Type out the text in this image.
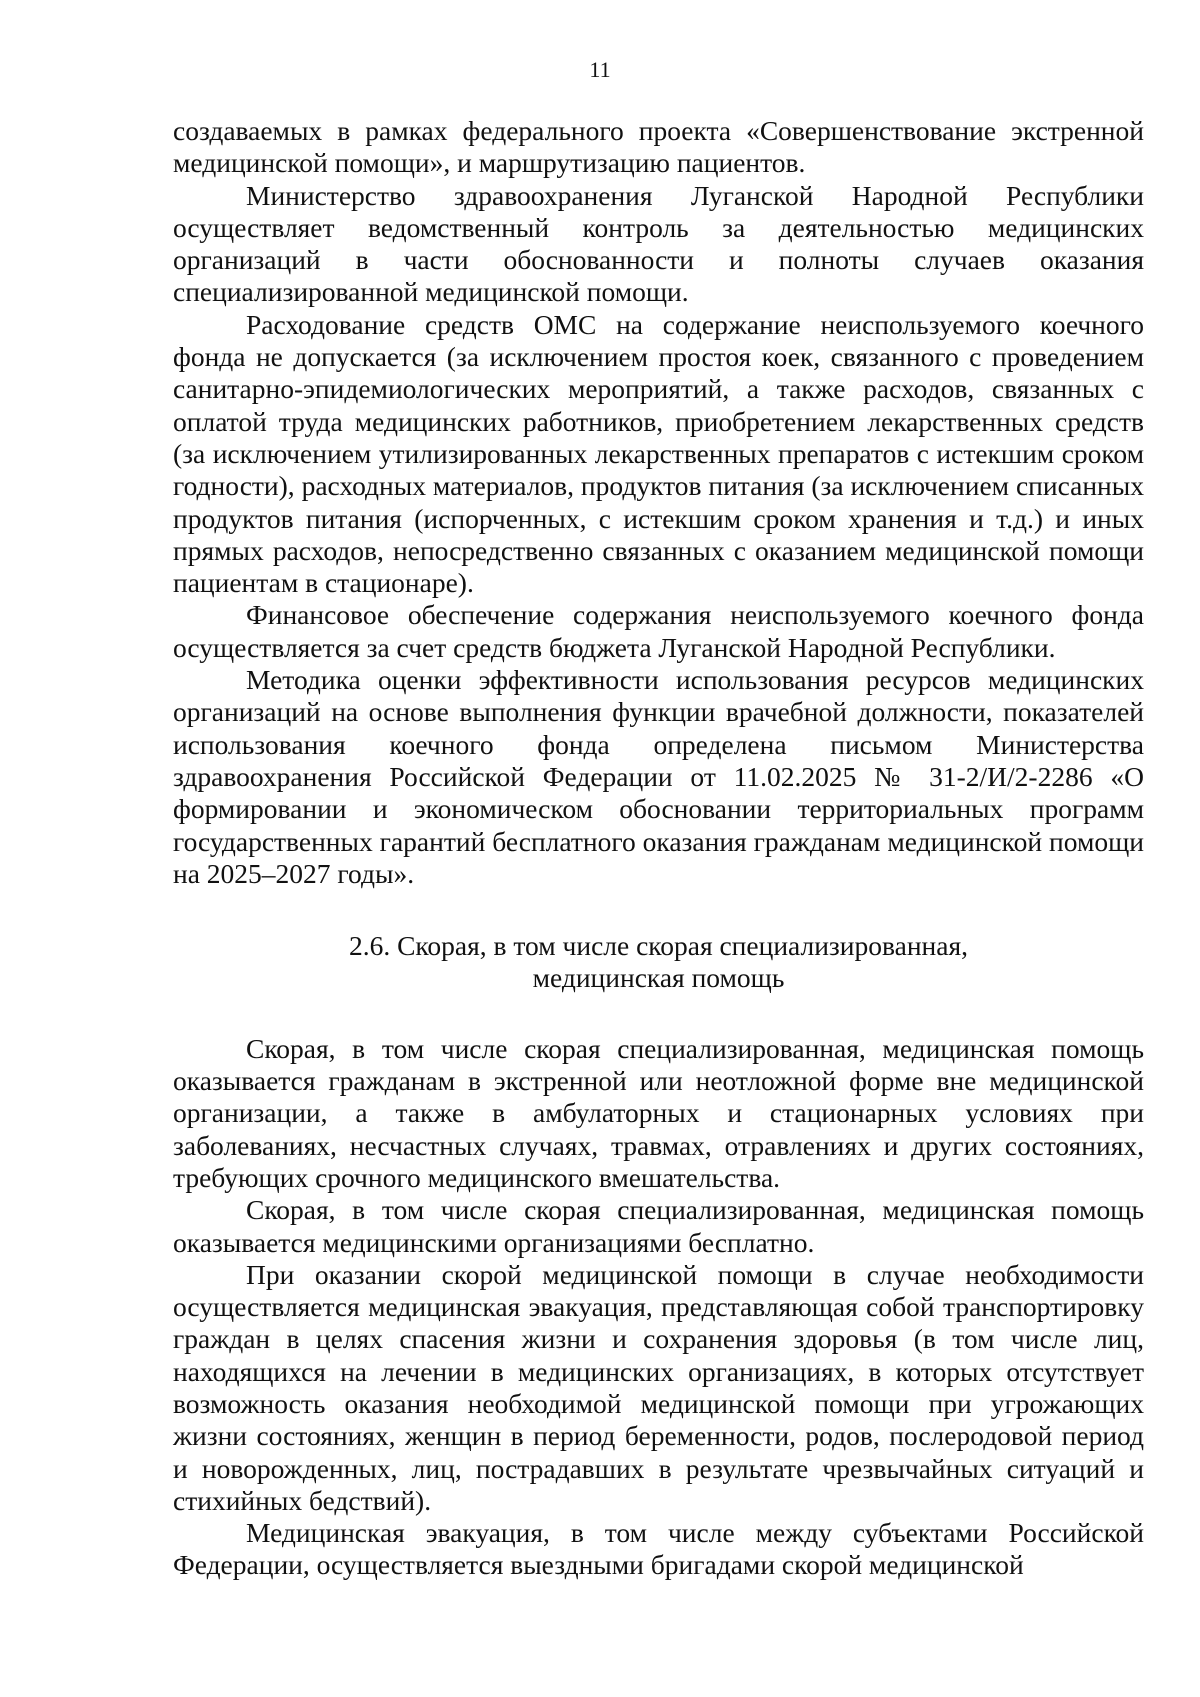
11

создаваемых в рамках федерального проекта «Совершенствование экстренной медицинской помощи», и маршрутизацию пациентов.

Министерство здравоохранения Луганской Народной Республики осуществляет ведомственный контроль за деятельностью медицинских организаций в части обоснованности и полноты случаев оказания специализированной медицинской помощи.

Расходование средств ОМС на содержание неиспользуемого коечного фонда не допускается (за исключением простоя коек, связанного с проведением санитарно-эпидемиологических мероприятий, а также расходов, связанных с оплатой труда медицинских работников, приобретением лекарственных средств (за исключением утилизированных лекарственных препаратов с истекшим сроком годности), расходных материалов, продуктов питания (за исключением списанных продуктов питания (испорченных, с истекшим сроком хранения и т.д.) и иных прямых расходов, непосредственно связанных с оказанием медицинской помощи пациентам в стационаре).

Финансовое обеспечение содержания неиспользуемого коечного фонда осуществляется за счет средств бюджета Луганской Народной Республики.

Методика оценки эффективности использования ресурсов медицинских организаций на основе выполнения функции врачебной должности, показателей использования коечного фонда определена письмом Министерства здравоохранения Российской Федерации от 11.02.2025 № 31-2/И/2-2286 «О формировании и экономическом обосновании территориальных программ государственных гарантий бесплатного оказания гражданам медицинской помощи на 2025–2027 годы».

2.6. Скорая, в том числе скорая специализированная,
медицинская помощь

Скорая, в том числе скорая специализированная, медицинская помощь оказывается гражданам в экстренной или неотложной форме вне медицинской организации, а также в амбулаторных и стационарных условиях при заболеваниях, несчастных случаях, травмах, отравлениях и других состояниях, требующих срочного медицинского вмешательства.

Скорая, в том числе скорая специализированная, медицинская помощь оказывается медицинскими организациями бесплатно.

При оказании скорой медицинской помощи в случае необходимости осуществляется медицинская эвакуация, представляющая собой транспортировку граждан в целях спасения жизни и сохранения здоровья (в том числе лиц, находящихся на лечении в медицинских организациях, в которых отсутствует возможность оказания необходимой медицинской помощи при угрожающих жизни состояниях, женщин в период беременности, родов, послеродовой период и новорожденных, лиц, пострадавших в результате чрезвычайных ситуаций и стихийных бедствий).

Медицинская эвакуация, в том числе между субъектами Российской Федерации, осуществляется выездными бригадами скорой медицинской
